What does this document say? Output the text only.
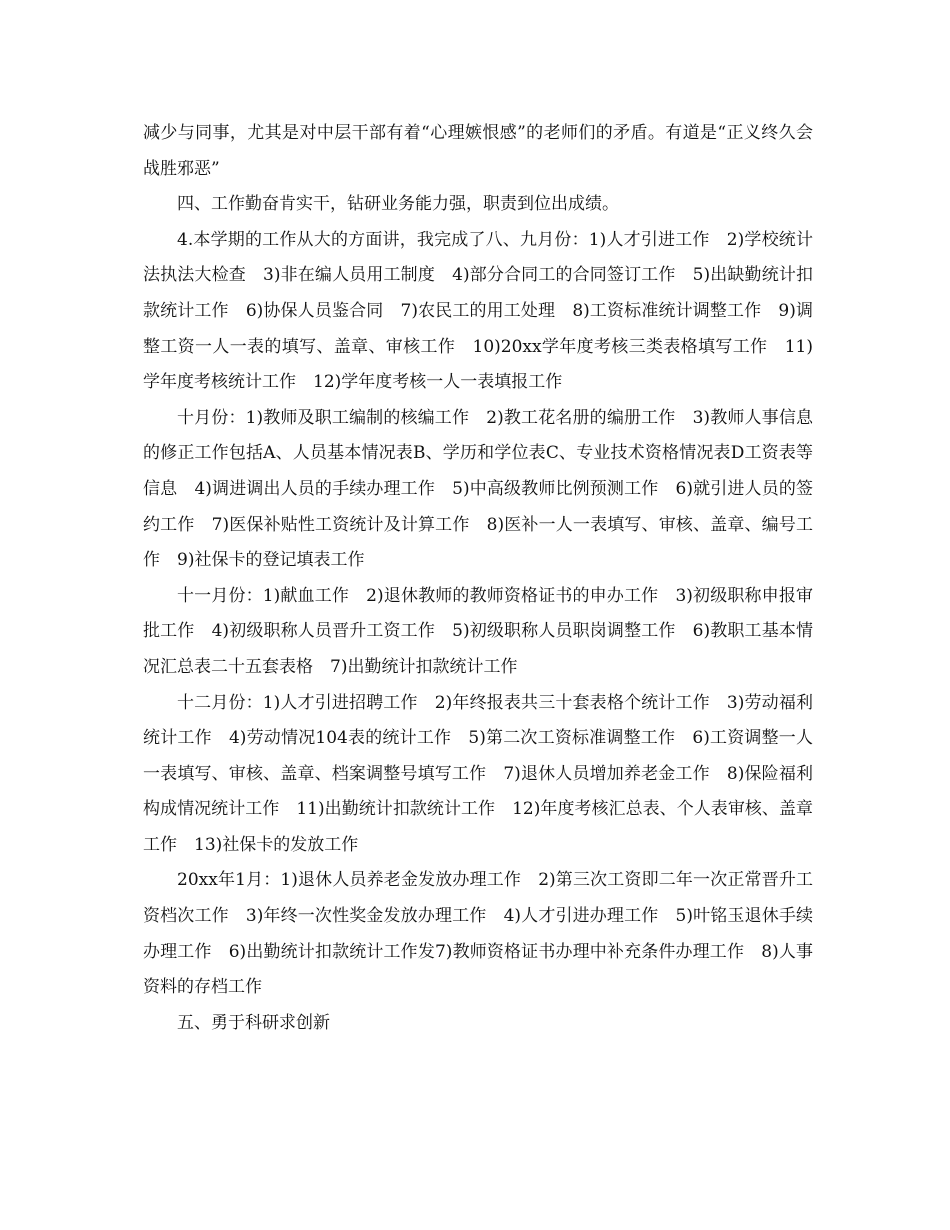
减少与同事，尤其是对中层干部有着“心理嫉恨感”的老师们的矛盾。有道是“正义终久会战胜邪恶”

四、工作勤奋肯实干，钻研业务能力强，职责到位出成绩。

4.本学期的工作从大的方面讲，我完成了八、九月份：1)人才引进工作　2)学校统计法执法大检查　3)非在编人员用工制度　4)部分合同工的合同签订工作　5)出缺勤统计扣款统计工作　6)协保人员鉴合同　7)农民工的用工处理　8)工资标准统计调整工作　9)调整工资一人一表的填写、盖章、审核工作　10)20xx学年度考核三类表格填写工作　11)学年度考核统计工作　12)学年度考核一人一表填报工作

十月份：1)教师及职工编制的核编工作　2)教工花名册的编册工作　3)教师人事信息的修正工作包括A、人员基本情况表B、学历和学位表C、专业技术资格情况表D工资表等信息　4)调进调出人员的手续办理工作　5)中高级教师比例预测工作　6)就引进人员的签约工作　7)医保补贴性工资统计及计算工作　8)医补一人一表填写、审核、盖章、编号工作　9)社保卡的登记填表工作

十一月份：1)献血工作　2)退休教师的教师资格证书的申办工作　3)初级职称申报审批工作　4)初级职称人员晋升工资工作　5)初级职称人员职岗调整工作　6)教职工基本情况汇总表二十五套表格　7)出勤统计扣款统计工作

十二月份：1)人才引进招聘工作　2)年终报表共三十套表格个统计工作　3)劳动福利统计工作　4)劳动情况104表的统计工作　5)第二次工资标准调整工作　6)工资调整一人一表填写、审核、盖章、档案调整号填写工作　7)退休人员增加养老金工作　8)保险福利构成情况统计工作　11)出勤统计扣款统计工作　12)年度考核汇总表、个人表审核、盖章工作　13)社保卡的发放工作

20xx年1月：1)退休人员养老金发放办理工作　2)第三次工资即二年一次正常晋升工资档次工作　3)年终一次性奖金发放办理工作　4)人才引进办理工作　5)叶铭玉退休手续办理工作　6)出勤统计扣款统计工作发7)教师资格证书办理中补充条件办理工作　8)人事资料的存档工作

五、勇于科研求创新
